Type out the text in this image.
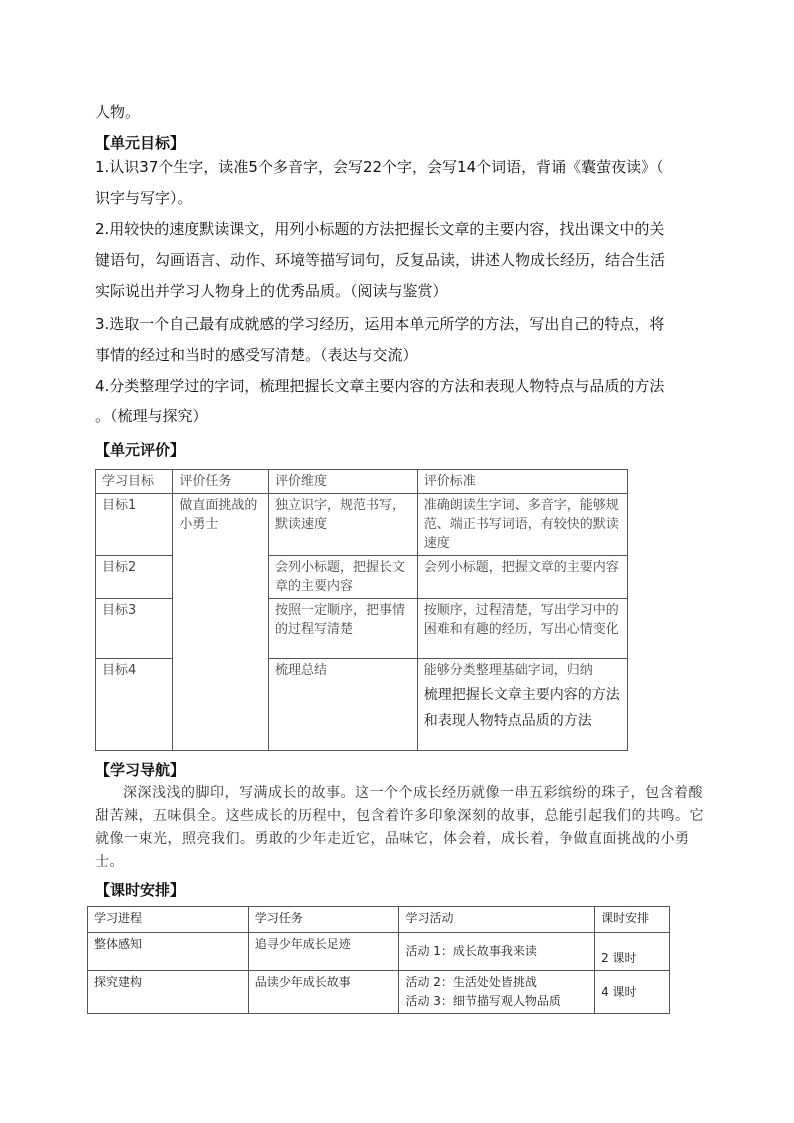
人物。
【单元目标】
1.认识37个生字，读准5个多音字，会写22个字，会写14个词语，背诵《囊萤夜读》（
识字与写字）。
2.用较快的速度默读课文，用列小标题的方法把握长文章的主要内容，找出课文中的关
键语句，勾画语言、动作、环境等描写词句，反复品读，讲述人物成长经历，结合生活
实际说出并学习人物身上的优秀品质。（阅读与鉴赏）
3.选取一个自己最有成就感的学习经历，运用本单元所学的方法，写出自己的特点，将
事情的经过和当时的感受写清楚。（表达与交流）
4.分类整理学过的字词，梳理把握长文章主要内容的方法和表现人物特点与品质的方法
。（梳理与探究）
【单元评价】
学习目标	评价任务	评价维度	评价标准
目标1	做直面挑战的小勇士	独立识字，规范书写，默读速度	准确朗读生字词、多音字，能够规范、端正书写词语，有较快的默读速度
目标2		会列小标题，把握长文章的主要内容	会列小标题，把握文章的主要内容
目标3		按照一定顺序，把事情的过程写清楚	按顺序，过程清楚，写出学习中的困难和有趣的经历，写出心情变化
目标4		梳理总结	能够分类整理基础字词，归纳
梳理把握长文章主要内容的方法和表现人物特点品质的方法
【学习导航】
深深浅浅的脚印，写满成长的故事。这一个个成长经历就像一串五彩缤纷的珠子，包含着酸甜苦辣，五味俱全。这些成长的历程中，包含着许多印象深刻的故事，总能引起我们的共鸣。它就像一束光，照亮我们。勇敢的少年走近它，品味它，体会着，成长着，争做直面挑战的小勇士。
【课时安排】
学习进程	学习任务	学习活动	课时安排
整体感知	追寻少年成长足迹	活动 1：成长故事我来读	2 课时
探究建构	品读少年成长故事	活动 2：生活处处皆挑战
活动 3：细节描写观人物品质	4 课时
